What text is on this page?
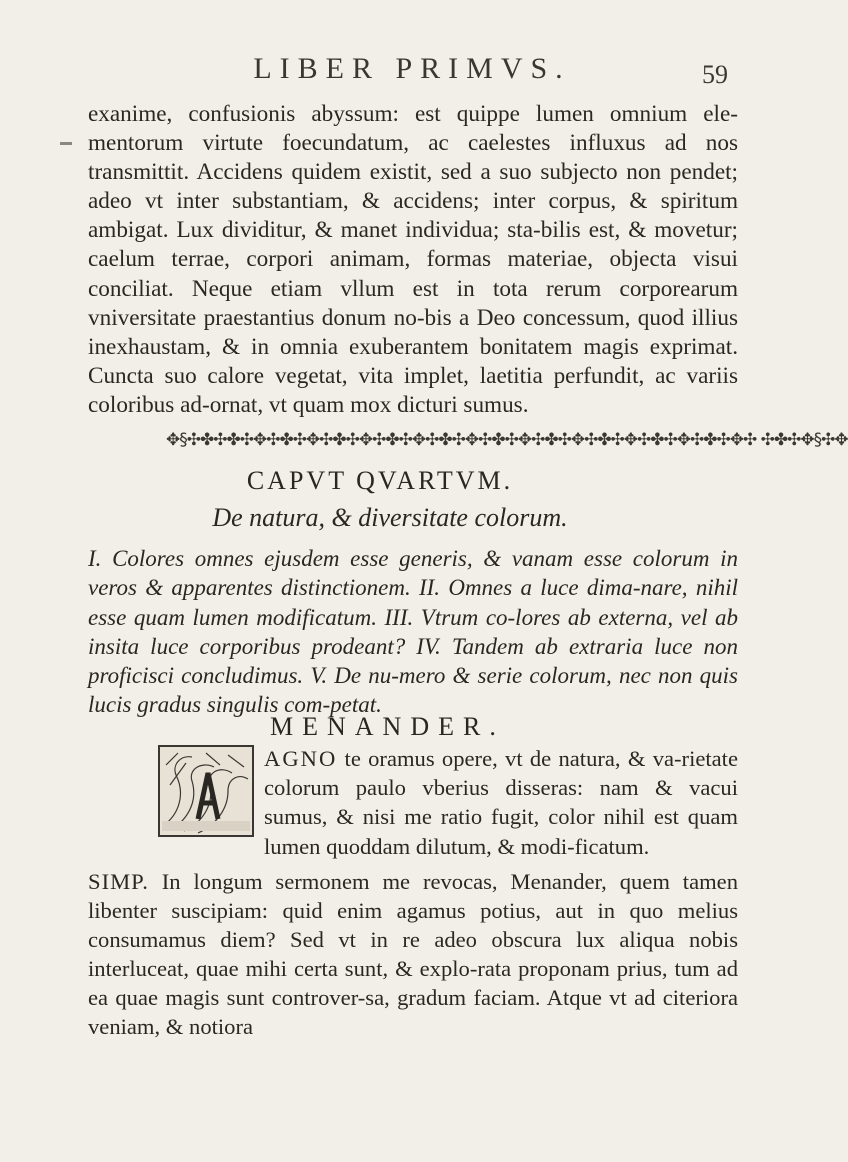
LIBER PRIMVS.	59
exanime, confusionis abyssum: est quippe lumen omnium ele-mentorum virtute foecundatum, ac caelestes influxus ad nos transmittit. Accidens quidem existit, sed a suo subjecto non pendet; adeo vt inter substantiam, & accidens; inter corpus, & spiritum ambigat. Lux dividitur, & manet individua; sta-bilis est, & movetur; caelum terrae, corpori animam, formas materiae, objecta visui conciliat. Neque etiam vllum est in tota rerum corporearum vniversitate praestantius donum no-bis a Deo concessum, quod illius inexhaustam, & in omnia exuberantem bonitatem magis exprimat. Cuncta suo calore vegetat, vita implet, laetitia perfundit, ac variis coloribus ad-ornat, vt quam mox dicturi sumus.
✥§✣✤✣✤✣✥✣✤✣✥✣✤✣✥✣✤✣✥✣✤✣✥✣✤✣✥✣✤✣✥✣✤✣✥✣✤✣✥✣✤✣✥✣ ✣✤✣✥§✣✥
CAPVT QVARTVM.
De natura, & diversitate colorum.
I. Colores omnes ejusdem esse generis, & vanam esse colorum in veros & apparentes distinctionem. II. Omnes a luce dima-nare, nihil esse quam lumen modificatum. III. Vtrum co-lores ab externa, vel ab insita luce corporibus prodeant? IV. Tandem ab extraria luce non proficisci concludimus. V. De nu-mero & serie colorum, nec non quis lucis gradus singulis com-petat.
MENANDER.
AGNO te oramus opere, vt de natura, & va-rietate colorum paulo vberius disseras: nam & vacui sumus, & nisi me ratio fugit, color nihil est quam lumen quoddam dilutum, & modi-ficatum.
SIMP. In longum sermonem me revocas, Menander, quem tamen libenter suscipiam: quid enim agamus potius, aut in quo melius consumamus diem? Sed vt in re adeo obscura lux aliqua nobis interluceat, quae mihi certa sunt, & explo-rata proponam prius, tum ad ea quae magis sunt controver-sa, gradum faciam. Atque vt ad citeriora veniam, & notiora
